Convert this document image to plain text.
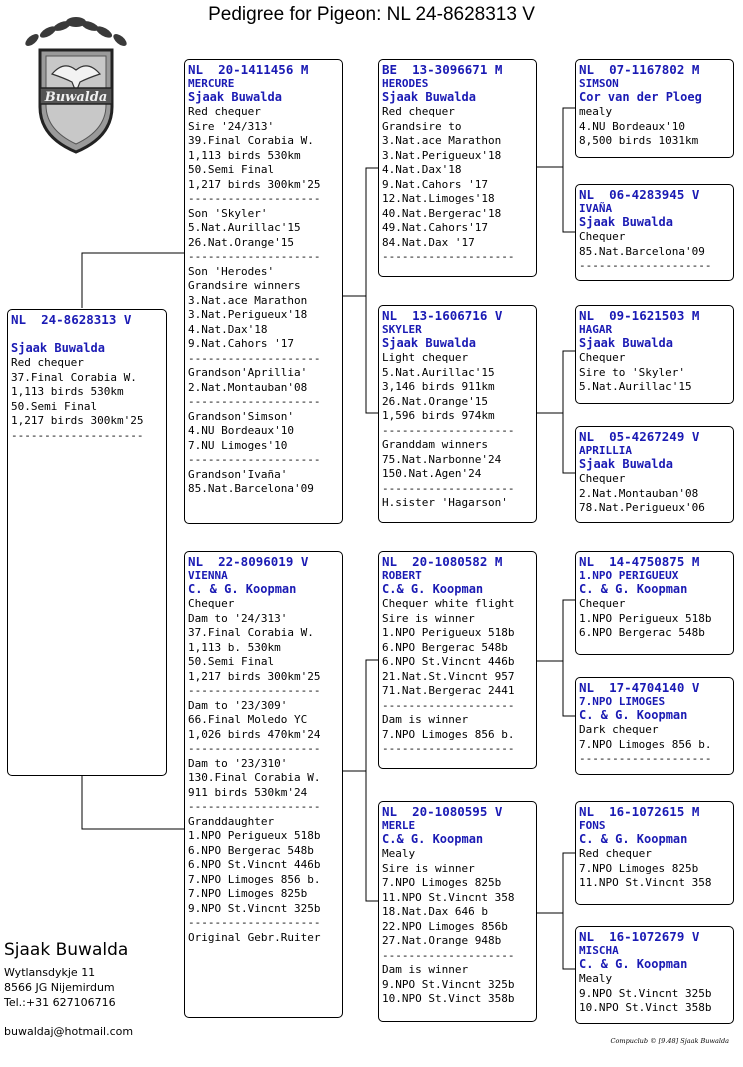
Pedigree for Pigeon: NL 24-8628313 V
Buwalda
NL  24-8628313 V
Sjaak Buwalda
Red chequer
37.Final Corabia W.
1,113 birds 530km
50.Semi Final
1,217 birds 300km'25
--------------------
NL  20-1411456 M
MERCURE
Sjaak Buwalda
Red chequer
Sire '24/313'
39.Final Corabia W.
1,113 birds 530km
50.Semi Final
1,217 birds 300km'25
--------------------
Son 'Skyler'
5.Nat.Aurillac'15
26.Nat.Orange'15
--------------------
Son 'Herodes'
Grandsire winners
3.Nat.ace Marathon
3.Nat.Perigueux'18
4.Nat.Dax'18
9.Nat.Cahors '17
--------------------
Grandson'Aprillia'
2.Nat.Montauban'08
--------------------
Grandson'Simson'
4.NU Bordeaux'10
7.NU Limoges'10
--------------------
Grandson'Ivaña'
85.Nat.Barcelona'09
NL  22-8096019 V
VIENNA
C. & G. Koopman
Chequer
Dam to '24/313'
37.Final Corabia W.
1,113 b. 530km
50.Semi Final
1,217 birds 300km'25
--------------------
Dam to '23/309'
66.Final Moledo YC
1,026 birds 470km'24
--------------------
Dam to '23/310'
130.Final Corabia W.
911 birds 530km'24
--------------------
Granddaughter
1.NPO Perigueux 518b
6.NPO Bergerac 548b
6.NPO St.Vincnt 446b
7.NPO Limoges 856 b.
7.NPO Limoges 825b
9.NPO St.Vincnt 325b
--------------------
Original Gebr.Ruiter
BE  13-3096671 M
HERODES
Sjaak Buwalda
Red chequer
Grandsire to
3.Nat.ace Marathon
3.Nat.Perigueux'18
4.Nat.Dax'18
9.Nat.Cahors '17
12.Nat.Limoges'18
40.Nat.Bergerac'18
49.Nat.Cahors'17
84.Nat.Dax '17
--------------------
NL  13-1606716 V
SKYLER
Sjaak Buwalda
Light chequer
5.Nat.Aurillac'15
3,146 birds 911km
26.Nat.Orange'15
1,596 birds 974km
--------------------
Granddam winners
75.Nat.Narbonne'24
150.Nat.Agen'24
--------------------
H.sister 'Hagarson'
NL  20-1080582 M
ROBERT
C.& G. Koopman
Chequer white flight
Sire is winner
1.NPO Perigueux 518b
6.NPO Bergerac 548b
6.NPO St.Vincnt 446b
21.Nat.St.Vincnt 957
71.Nat.Bergerac 2441
--------------------
Dam is winner
7.NPO Limoges 856 b.
--------------------
NL  20-1080595 V
MERLE
C.& G. Koopman
Mealy
Sire is winner
7.NPO Limoges 825b
11.NPO St.Vincnt 358
18.Nat.Dax 646 b
22.NPO Limoges 856b
27.Nat.Orange 948b
--------------------
Dam is winner
9.NPO St.Vincnt 325b
10.NPO St.Vinct 358b
NL  07-1167802 M
SIMSON
Cor van der Ploeg
mealy
4.NU Bordeaux'10
8,500 birds 1031km
NL  06-4283945 V
IVAÑA
Sjaak Buwalda
Chequer
85.Nat.Barcelona'09
--------------------
NL  09-1621503 M
HAGAR
Sjaak Buwalda
Chequer
Sire to 'Skyler'
5.Nat.Aurillac'15
NL  05-4267249 V
APRILLIA
Sjaak Buwalda
Chequer
2.Nat.Montauban'08
78.Nat.Perigueux'06
NL  14-4750875 M
1.NPO PERIGUEUX
C. & G. Koopman
Chequer
1.NPO Perigueux 518b
6.NPO Bergerac 548b
NL  17-4704140 V
7.NPO LIMOGES
C. & G. Koopman
Dark chequer
7.NPO Limoges 856 b.
--------------------
NL  16-1072615 M
FONS
C. & G. Koopman
Red chequer
7.NPO Limoges 825b
11.NPO St.Vincnt 358
NL  16-1072679 V
MISCHA
C. & G. Koopman
Mealy
9.NPO St.Vincnt 325b
10.NPO St.Vinct 358b
Sjaak Buwalda
Wytlansdykje 11
8566 JG Nijemirdum
Tel.:+31 627106716
buwaldaj@hotmail.com
Compuclub © [9.48] Sjaak Buwalda
